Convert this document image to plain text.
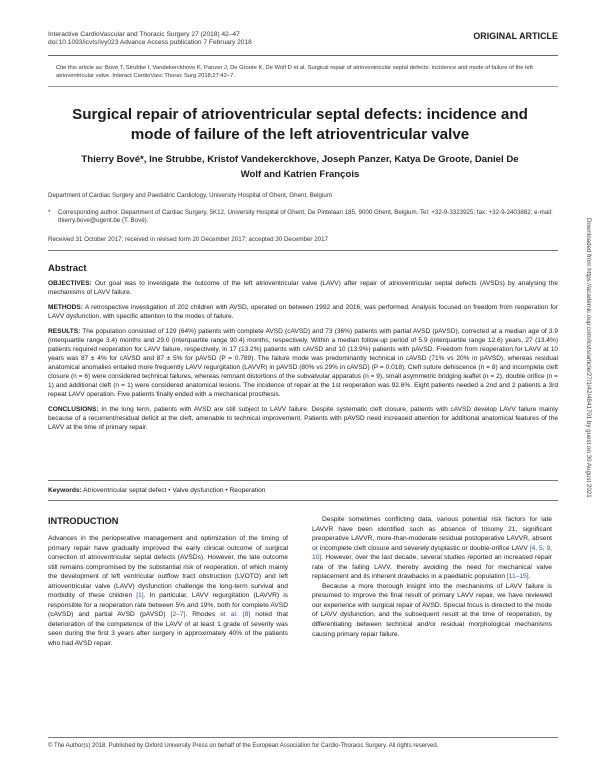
Interactive CardioVascular and Thoracic Surgery 27 (2018) 42–47
doi:10.1093/icvts/ivy023 Advance Access publication 7 February 2018
ORIGINAL ARTICLE
Cite this article as: Bové T, Strubbe I, Vandekerckhove K, Panzer J, De Groote K, De Wolf D et al. Surgical repair of atrioventricular septal defects: incidence and mode of failure of the left atrioventricular valve. Interact CardioVasc Thorac Surg 2018;27:42–7.
Surgical repair of atrioventricular septal defects: incidence and mode of failure of the left atrioventricular valve
Thierry Bové*, Ine Strubbe, Kristof Vandekerckhove, Joseph Panzer, Katya De Groote, Daniel De Wolf and Katrien François
Department of Cardiac Surgery and Paediatric Cardiology, University Hospital of Ghent, Ghent, Belgium
*	Corresponding author. Department of Cardiac Surgery, 5K12, University Hospital of Ghent, De Pintelaan 185, 9000 Ghent, Belgium. Tel: +32-9-3323925; fax: +32-9-2403882; e-mail: thierry.bove@ugent.be (T. Bové).
Received 31 October 2017; received in revised form 20 December 2017; accepted 30 December 2017
Abstract

OBJECTIVES: Our goal was to investigate the outcome of the left atrioventricular valve (LAVV) after repair of atrioventricular septal defects (AVSDs) by analysing the mechanisms of LAVV failure.

METHODS: A retrospective investigation of 202 children with AVSD, operated on between 1992 and 2016, was performed. Analysis focused on freedom from reoperation for LAVV dysfunction, with specific attention to the modes of failure.

RESULTS: The population consisted of 129 (64%) patients with complete AVSD (cAVSD) and 73 (36%) patients with partial AVSD (pAVSD), corrected at a median age of 3.9 (interquartile range 3.4) months and 29.0 (interquartile range 90.4) months, respectively. Within a median follow-up period of 5.9 (interquartile range 12.6) years, 27 (13.4%) patients required reoperation for LAVV failure, respectively, in 17 (13.2%) patients with cAVSD and 10 (13.9%) patients with pAVSD. Freedom from reoperation for LAVV at 10 years was 87 ± 4% for cAVSD and 87 ± 5% for pAVSD (P = 0.789). The failure mode was predominantly technical in cAVSD (71% vs 20% in pAVSD), whereas residual anatomical anomalies entailed more frequently LAVV regurgitation (LAVVR) in pAVSD (80% vs 29% in cAVSD) (P = 0.018). Cleft suture dehiscence (n = 8) and incomplete cleft closure (n = 6) were considered technical failures, whereas remnant distortions of the subvalvular apparatus (n = 9), small asymmetric bridging leaflet (n = 2), double orifice (n = 1) and additional cleft (n = 1) were considered anatomical lesions. The incidence of repair at the 1st reoperation was 92.6%. Eight patients needed a 2nd and 2 patients a 3rd repeat LAVV operation. Five patients finally ended with a mechanical prosthesis.

CONCLUSIONS: In the long term, patients with AVSD are still subject to LAVV failure. Despite systematic cleft closure, patients with cAVSD develop LAVV failure mainly because of a recurrent/residual deficit at the cleft, amenable to technical improvement. Patients with pAVSD need increased attention for additional anatomical features of the LAVV at the time of primary repair.

Keywords: Atrioventricular septal defect • Valve dysfunction • Reoperation
INTRODUCTION

Advances in the perioperative management and optimization of the timing of primary repair have gradually improved the early clinical outcome of surgical correction of atrioventricular septal defects (AVSDs). However, the late outcome still remains compromised by the substantial risk of reoperation, of which mainly the development of left ventricular outflow tract obstruction (LVOTO) and left atrioventricular valve (LAVV) dysfunction challenge the long-term survival and morbidity of these children [1]. In particular, LAVV regurgitation (LAVVR) is responsible for a reoperation rate between 5% and 19%, both for complete AVSD (cAVSD) and partial AVSD (pAVSD) [2–7]. Rhodes et al. [8] noted that deterioration of the competence of the LAVV of at least 1 grade of severity was seen during the first 3 years after surgery in approximately 40% of the patients who had AVSD repair.

Despite sometimes conflicting data, various potential risk factors for late LAVVR have been identified such as absence of trisomy 21, significant preoperative LAVVR, more-than-moderate residual postoperative LAVVR, absent or incomplete cleft closure and severely dysplastic or double-orifice LAVV [4, 5, 9, 10]. However, over the last decade, several studies reported an increased repair rate of the failing LAVV, thereby avoiding the need for mechanical valve replacement and its inherent drawbacks in a paediatric population [11–15].

Because a more thorough insight into the mechanisms of LAVV failure is presumed to improve the final result of primary LAVV repair, we have reviewed our experience with surgical repair of AVSD. Special focus is directed to the mode of LAVV dysfunction, and the subsequent result at the time of reoperation, by differentiating between technical and/or residual morphological mechanisms causing primary repair failure.

© The Author(s) 2018. Published by Oxford University Press on behalf of the European Association for Cardio-Thoracic Surgery. All rights reserved.
Downloaded from https://academic.oup.com/icvts/article/27/1/42/4841701 by guest on 30 August 2021
